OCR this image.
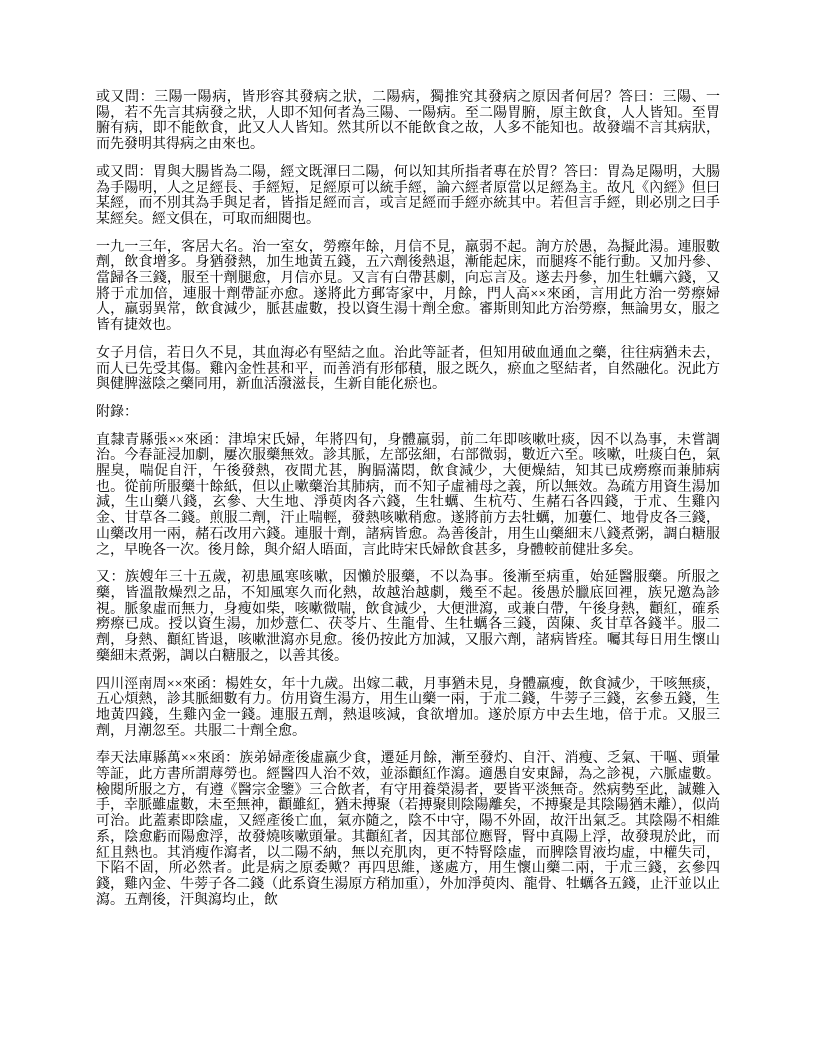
或又問：三陽一陽病，皆形容其發病之狀，二陽病，獨推究其發病之原因者何居？答曰：三陽、一陽，若不先言其病發之狀，人即不知何者為三陽、一陽病。至二陽胃腑，原主飲食，人人皆知。至胃腑有病，即不能飲食，此又人人皆知。然其所以不能飲食之故，人多不能知也。故發端不言其病狀，而先發明其得病之由來也。

或又問：胃與大腸皆為二陽，經文既渾曰二陽，何以知其所指者專在於胃？答曰：胃為足陽明，大腸為手陽明，人之足經長、手經短，足經原可以統手經，論六經者原當以足經為主。故凡《內經》但曰某經，而不別其為手與足者，皆指足經而言，或言足經而手經亦統其中。若但言手經，則必別之曰手某經矣。經文俱在，可取而細閱也。

一九一三年，客居大名。治一室女，勞瘵年餘，月信不見，羸弱不起。詢方於愚，為擬此湯。連服數劑，飲食增多。身猶發熱，加生地黃五錢，五六劑後熱退，漸能起床，而腿疼不能行動。又加丹參、當歸各三錢，服至十劑腿愈，月信亦見。又言有白帶甚劇，向忘言及。遂去丹參，加生牡蠣六錢，又將于朮加倍，連服十劑帶証亦愈。遂將此方郵寄家中，月餘，門人高××來函，言用此方治一勞瘵婦人，羸弱異常，飲食減少，脈甚虛數，投以資生湯十劑全愈。審斯則知此方治勞瘵，無論男女，服之皆有捷效也。

女子月信，若日久不見，其血海必有堅結之血。治此等証者，但知用破血通血之藥，往往病猶未去，而人已先受其傷。雞內金性甚和平，而善消有形郁積，服之既久，瘀血之堅結者，自然融化。況此方與健脾滋陰之藥同用，新血活潑滋長，生新自能化瘀也。

附錄：

直隸青縣張××來函：津埠宋氏婦，年將四旬，身體羸弱，前二年即咳嗽吐痰，因不以為事，未嘗調治。今春証浸加劇，屢次服藥無效。診其脈，左部弦細，右部微弱，數近六至。咳嗽，吐痰白色，氣腥臭，喘促自汗，午後發熱，夜間尤甚，胸膈滿悶，飲食減少，大便燥結，知其已成癆瘵而兼肺病也。從前所服藥十餘紙，但以止嗽藥治其肺病，而不知子虛補母之義，所以無效。為疏方用資生湯加減，生山藥八錢，玄參、大生地、淨萸肉各六錢，生牡蠣、生杭芍、生赭石各四錢，于朮、生雞內金、甘草各二錢。煎服二劑，汗止喘輕，發熱咳嗽稍愈。遂將前方去牡蠣，加蔞仁、地骨皮各三錢，山藥改用一兩，赭石改用六錢。連服十劑，諸病皆愈。為善後計，用生山藥細末八錢煮粥，調白糖服之，早晚各一次。後月餘，與介紹人晤面，言此時宋氏婦飲食甚多，身體較前健壯多矣。

又：族嫂年三十五歲，初患風寒咳嗽，因懶於服藥，不以為事。後漸至病重，始延醫服藥。所服之藥，皆溫散燥烈之品，不知風寒久而化熱，故越治越劇，幾至不起。後愚於臘底回裡，族兄邀為診視。脈象虛而無力，身瘦如柴，咳嗽微喘，飲食減少，大便泄瀉，或兼白帶，午後身熱，顴紅，確系癆瘵已成。授以資生湯，加炒薏仁、茯苓片、生龍骨、生牡蠣各三錢，茵陳、炙甘草各錢半。服二劑，身熱、顴紅皆退，咳嗽泄瀉亦見愈。後仍按此方加減，又服六劑，諸病皆痊。囑其每日用生懷山藥細末煮粥，調以白糖服之，以善其後。

四川涇南周××來函：楊姓女，年十九歲。出嫁二載，月事猶未見，身體羸瘦，飲食減少，干咳無痰，五心煩熱，診其脈細數有力。仿用資生湯方，用生山藥一兩，于朮二錢，牛蒡子三錢，玄參五錢，生地黃四錢，生雞內金一錢。連服五劑，熱退咳減，食欲增加。遂於原方中去生地，倍于朮。又服三劑，月潮忽至。共服二十劑全愈。

奉天法庫縣萬××來函：族弟婦產後虛羸少食，遷延月餘，漸至發灼、自汗、消瘦、乏氣、干嘔、頭暈等証，此方書所謂蓐勞也。經醫四人治不效，並添顴紅作瀉。適愚自安東歸，為之診視，六脈虛數。檢閱所服之方，有遵《醫宗金鑒》三合飲者，有守用養榮湯者，要皆平淡無奇。然病勢至此，誠難入手，幸脈雖虛數，未至無神，顴雖紅，猶未搏聚（若搏聚則陰陽離矣，不搏聚是其陰陽猶未離），似尚可治。此蓋素即陰虛，又經產後亡血，氣亦隨之，陰不中守，陽不外固，故汗出氣乏。其陰陽不相維系，陰愈虧而陽愈浮，故發燒咳嗽頭暈。其顴紅者，因其部位應腎，腎中真陽上浮，故發現於此，而紅且熱也。其消瘦作瀉者，以二陽不納，無以充肌肉，更不特腎陰虛，而脾陰胃液均虛，中權失司，下陷不固，所必然者。此是病之原委歟？再四思維，遂處方，用生懷山藥二兩，于朮三錢，玄參四錢，雞內金、牛蒡子各二錢（此系資生湯原方稍加重），外加淨萸肉、龍骨、牡蠣各五錢，止汗並以止瀉。五劑後，汗與瀉均止，飲
